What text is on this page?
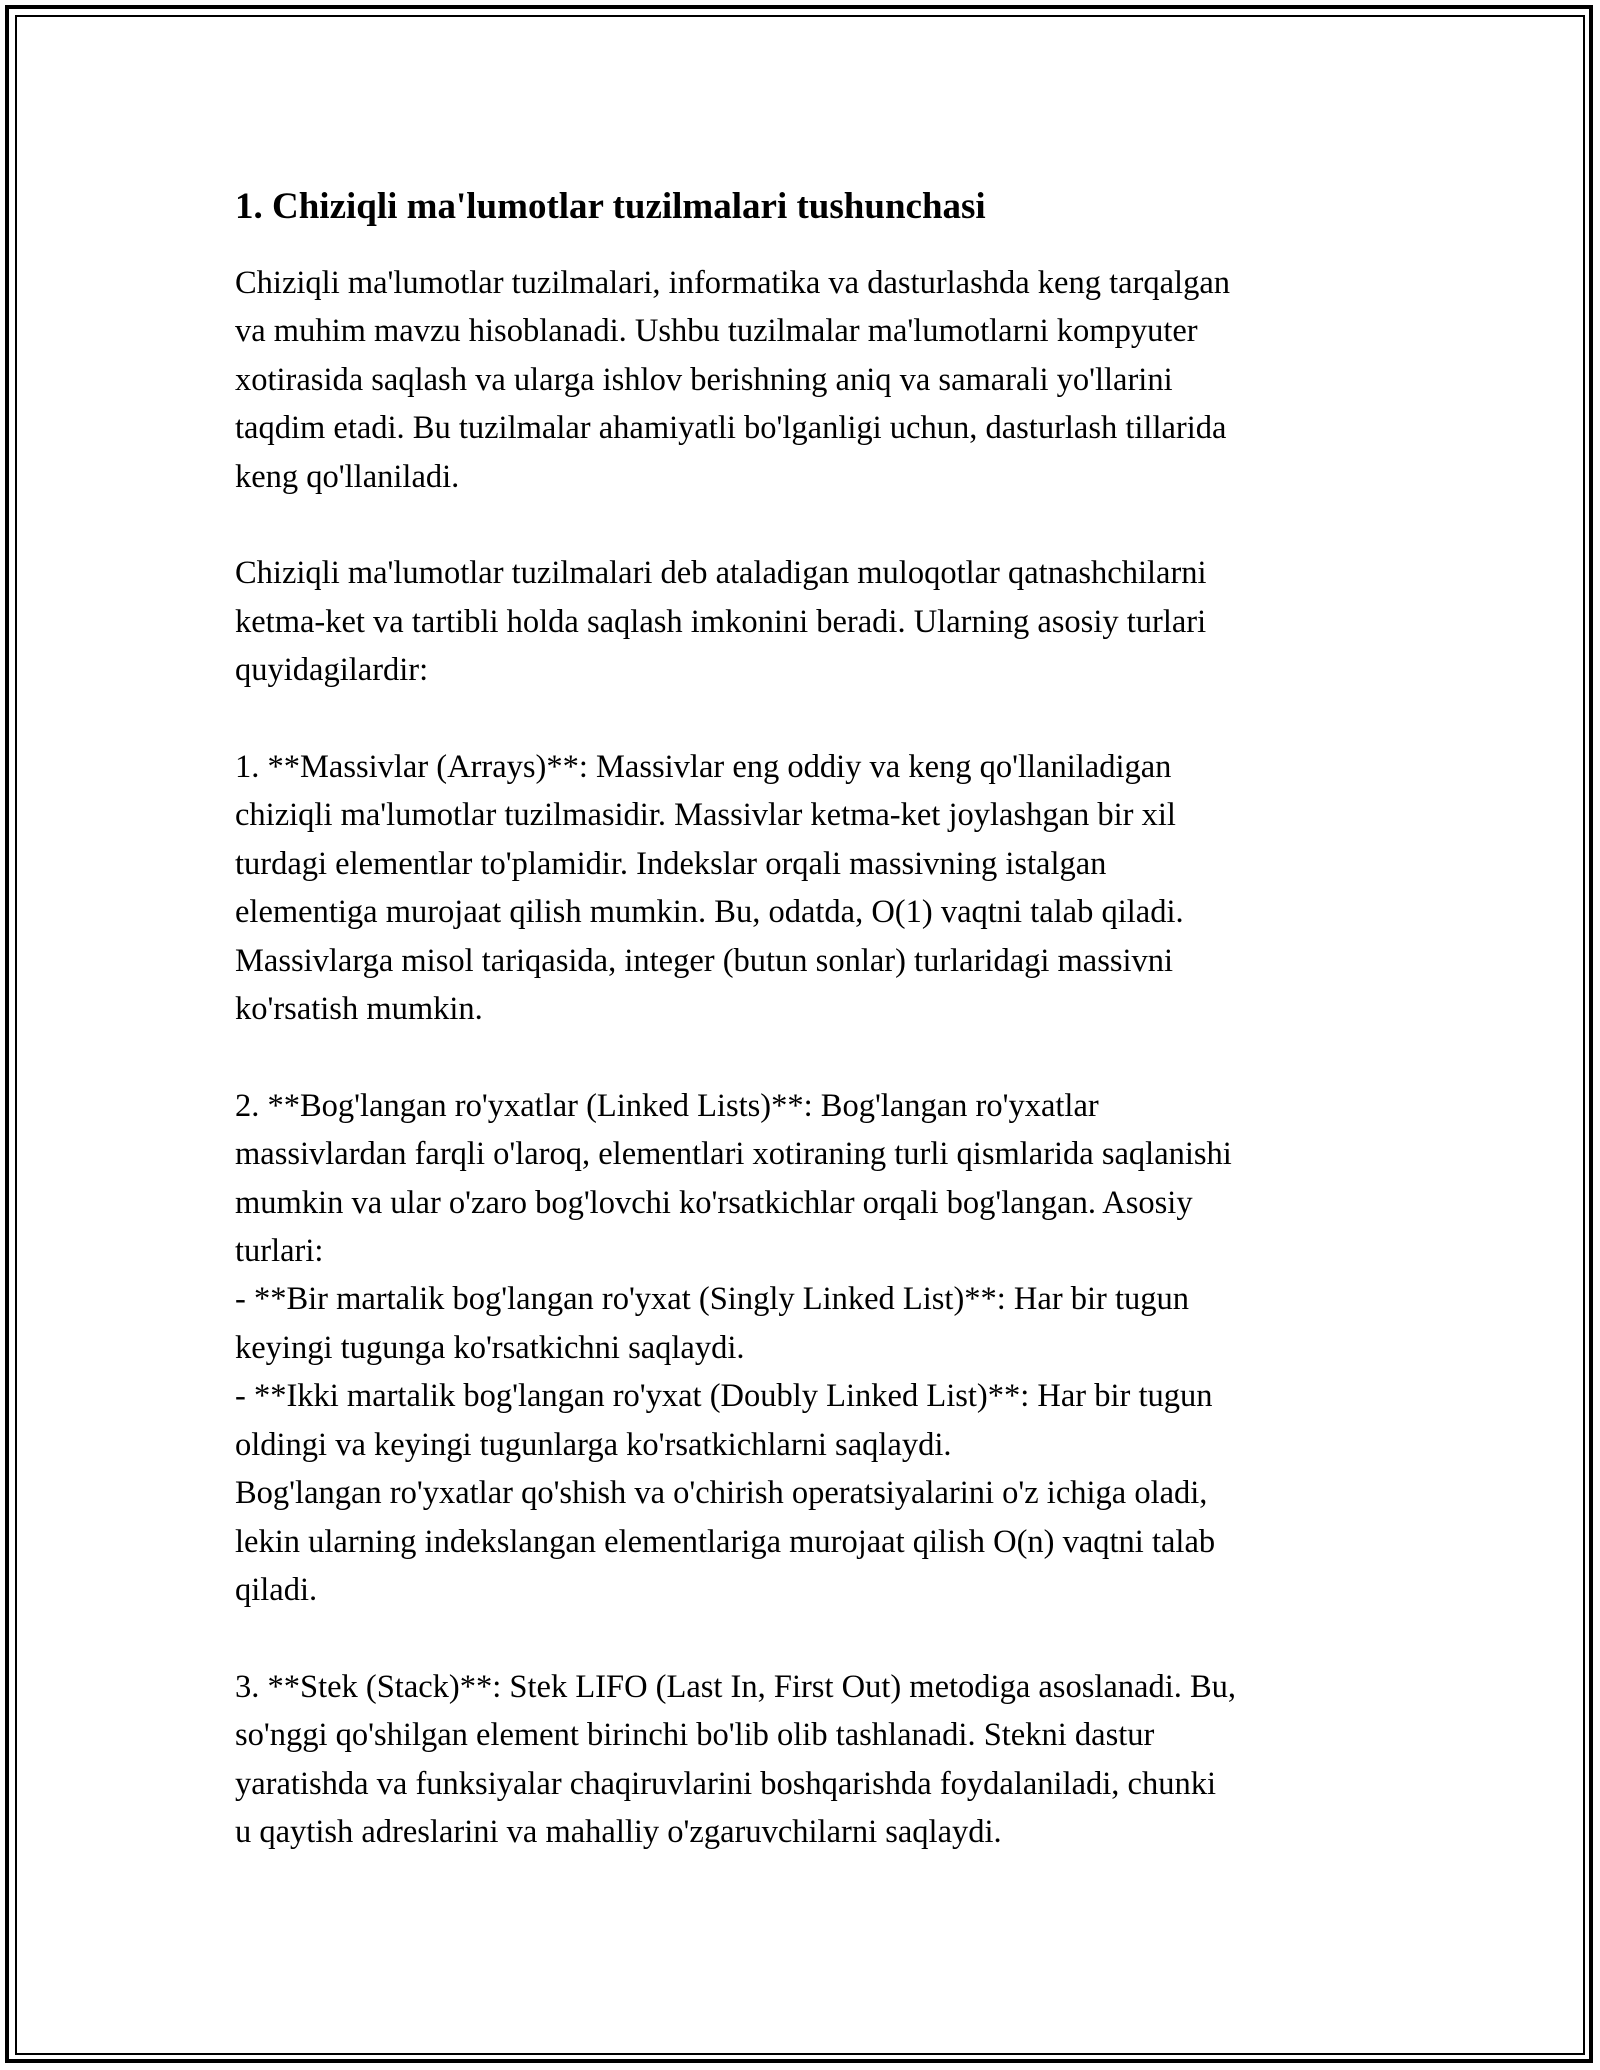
1. Chiziqli ma'lumotlar tuzilmalari tushunchasi

Chiziqli ma'lumotlar tuzilmalari, informatika va dasturlashda keng tarqalgan
va muhim mavzu hisoblanadi. Ushbu tuzilmalar ma'lumotlarni kompyuter
xotirasida saqlash va ularga ishlov berishning aniq va samarali yo'llarini
taqdim etadi. Bu tuzilmalar ahamiyatli bo'lganligi uchun, dasturlash tillarida
keng qo'llaniladi.

Chiziqli ma'lumotlar tuzilmalari deb ataladigan muloqotlar qatnashchilarni
ketma-ket va tartibli holda saqlash imkonini beradi. Ularning asosiy turlari
quyidagilardir:

1. **Massivlar (Arrays)**: Massivlar eng oddiy va keng qo'llaniladigan
chiziqli ma'lumotlar tuzilmasidir. Massivlar ketma-ket joylashgan bir xil
turdagi elementlar to'plamidir. Indekslar orqali massivning istalgan
elementiga murojaat qilish mumkin. Bu, odatda, O(1) vaqtni talab qiladi.
Massivlarga misol tariqasida, integer (butun sonlar) turlaridagi massivni
ko'rsatish mumkin.

2. **Bog'langan ro'yxatlar (Linked Lists)**: Bog'langan ro'yxatlar
massivlardan farqli o'laroq, elementlari xotiraning turli qismlarida saqlanishi
mumkin va ular o'zaro bog'lovchi ko'rsatkichlar orqali bog'langan. Asosiy
turlari:
- **Bir martalik bog'langan ro'yxat (Singly Linked List)**: Har bir tugun
keyingi tugunga ko'rsatkichni saqlaydi.
- **Ikki martalik bog'langan ro'yxat (Doubly Linked List)**: Har bir tugun
oldingi va keyingi tugunlarga ko'rsatkichlarni saqlaydi.
Bog'langan ro'yxatlar qo'shish va o'chirish operatsiyalarini o'z ichiga oladi,
lekin ularning indekslangan elementlariga murojaat qilish O(n) vaqtni talab
qiladi.

3. **Stek (Stack)**: Stek LIFO (Last In, First Out) metodiga asoslanadi. Bu,
so'nggi qo'shilgan element birinchi bo'lib olib tashlanadi. Stekni dastur
yaratishda va funksiyalar chaqiruvlarini boshqarishda foydalaniladi, chunki
u qaytish adreslarini va mahalliy o'zgaruvchilarni saqlaydi.
